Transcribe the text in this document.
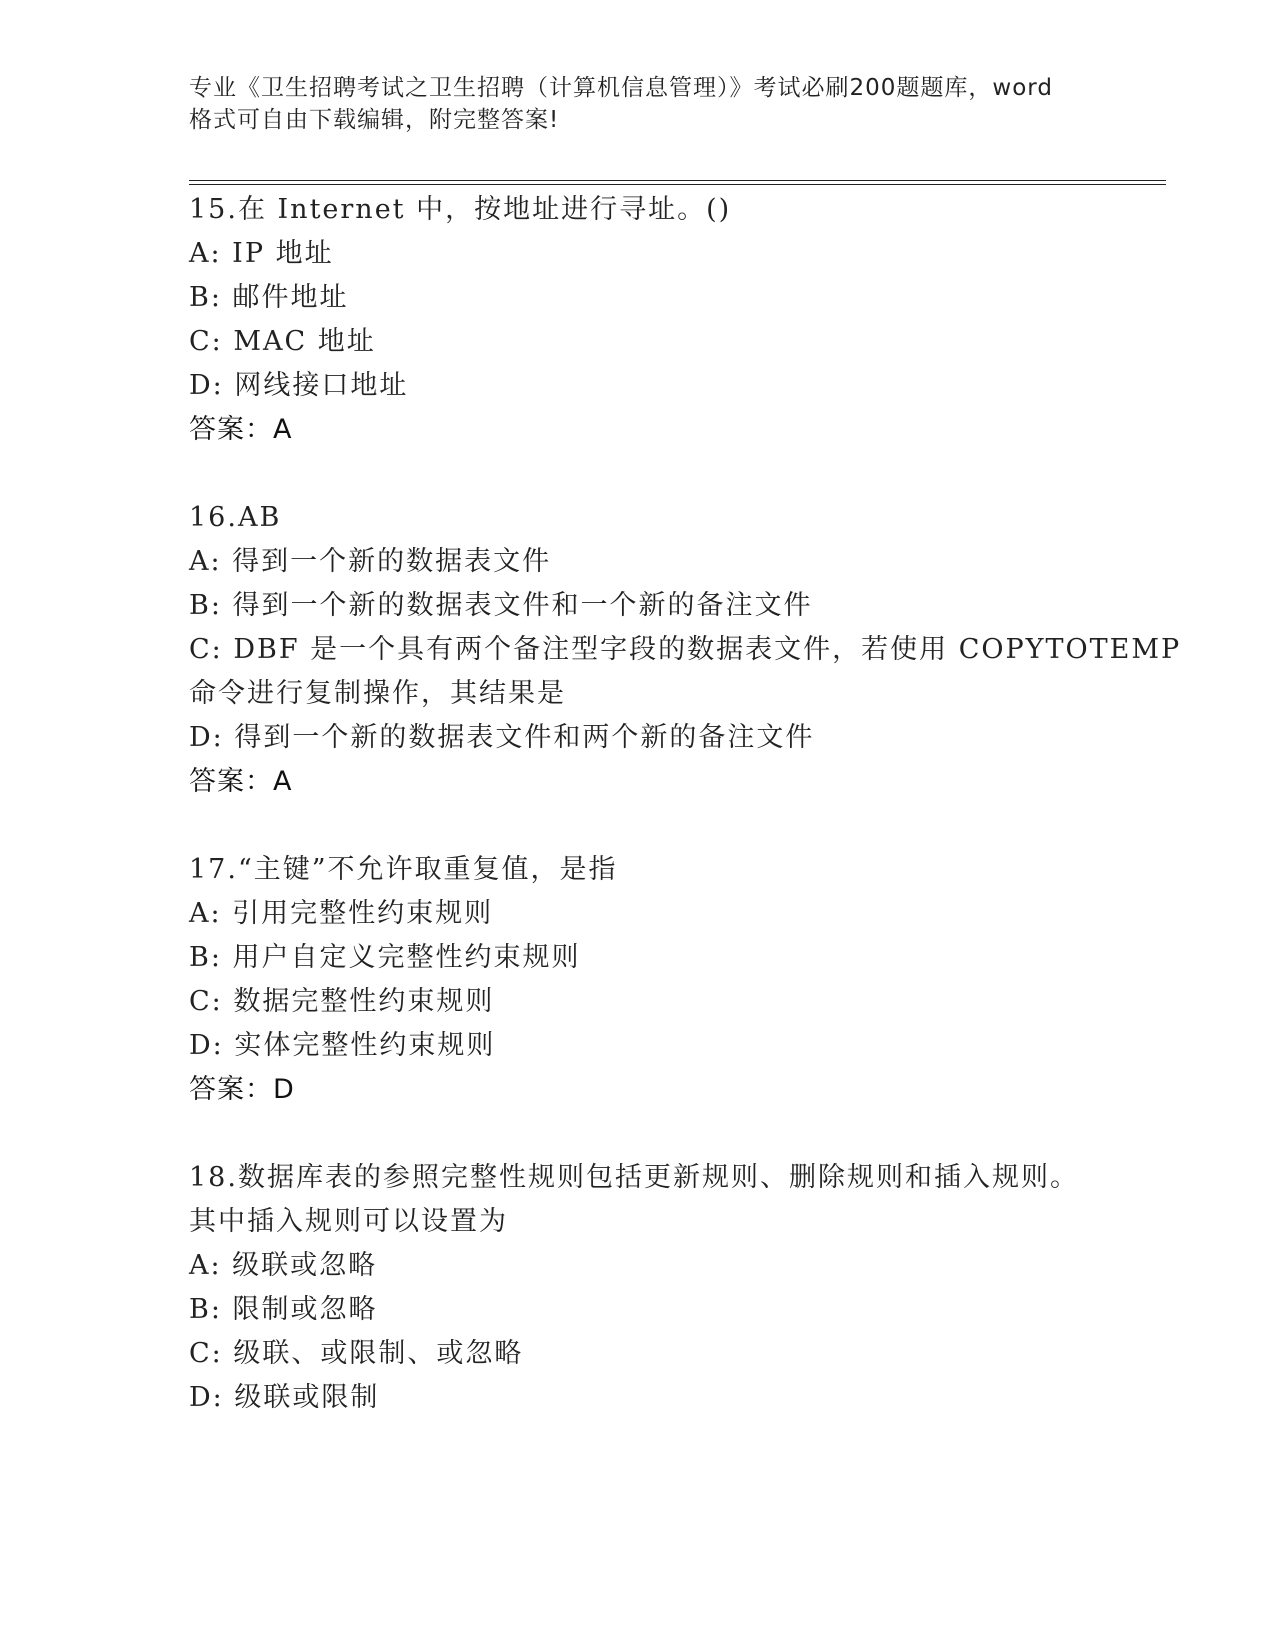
专业《卫生招聘考试之卫生招聘（计算机信息管理）》考试必刷200题题库，word
格式可自由下载编辑，附完整答案!
15.在 Internet 中，按地址进行寻址。()
A: IP 地址
B: 邮件地址
C: MAC 地址
D: 网线接口地址
答案：A
16.AB
A: 得到一个新的数据表文件
B: 得到一个新的数据表文件和一个新的备注文件
C: DBF 是一个具有两个备注型字段的数据表文件，若使用 COPYTOTEMP
命令进行复制操作，其结果是
D: 得到一个新的数据表文件和两个新的备注文件
答案：A
17.“主键”不允许取重复值，是指
A: 引用完整性约束规则
B: 用户自定义完整性约束规则
C: 数据完整性约束规则
D: 实体完整性约束规则
答案：D
18.数据库表的参照完整性规则包括更新规则、删除规则和插入规则。
其中插入规则可以设置为
A: 级联或忽略
B: 限制或忽略
C: 级联、或限制、或忽略
D: 级联或限制
